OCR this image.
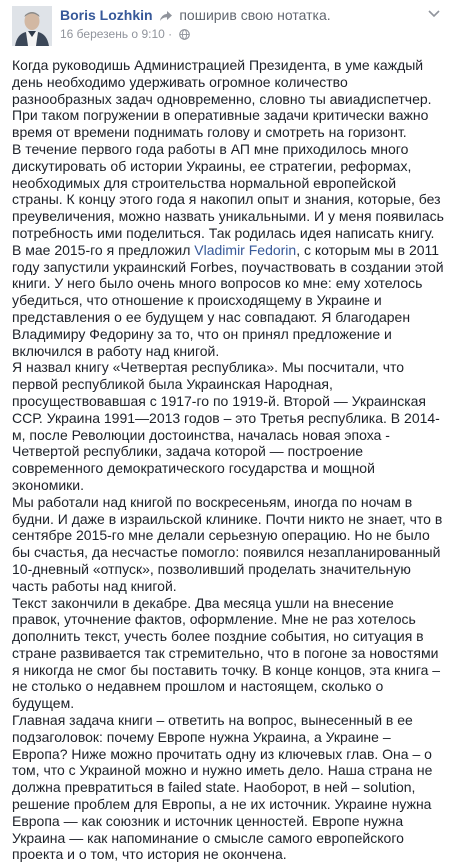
Boris Lozhkin поширив свою нотатка.
16 березень о 9:10 ·

Когда руководишь Администрацией Президента, в уме каждый день необходимо удерживать огромное количество разнообразных задач одновременно, словно ты авиадиспетчер. При таком погружении в оперативные задачи критически важно время от времени поднимать голову и смотреть на горизонт.

В течение первого года работы в АП мне приходилось много дискутировать об истории Украины, ее стратегии, реформах, необходимых для строительства нормальной европейской страны. К концу этого года я накопил опыт и знания, которые, без преувеличения, можно назвать уникальными. И у меня появилась потребность ими поделиться. Так родилась идея написать книгу.

В мае 2015-го я предложил Vladimir Fedorin, с которым мы в 2011 году запустили украинский Forbes, поучаствовать в создании этой книги. У него было очень много вопросов ко мне: ему хотелось убедиться, что отношение к происходящему в Украине и представления о ее будущем у нас совпадают. Я благодарен Владимиру Федорину за то, что он принял предложение и включился в работу над книгой.

Я назвал книгу «Четвертая республика». Мы посчитали, что первой республикой была Украинская Народная, просуществовавшая с 1917-го по 1919-й. Второй — Украинская ССР. Украина 1991—2013 годов – это Третья республика. В 2014-м, после Революции достоинства, началась новая эпоха - Четвертой республики, задача которой — построение современного демократического государства и мощной экономики.

Мы работали над книгой по воскресеньям, иногда по ночам в будни. И даже в израильской клинике. Почти никто не знает, что в сентябре 2015-го мне делали серьезную операцию. Но не было бы счастья, да несчастье помогло: появился незапланированный 10-дневный «отпуск», позволивший проделать значительную часть работы над книгой.

Текст закончили в декабре. Два месяца ушли на внесение правок, уточнение фактов, оформление. Мне не раз хотелось дополнить текст, учесть более поздние события, но ситуация в стране развивается так стремительно, что в погоне за новостями я никогда не смог бы поставить точку. В конце концов, эта книга – не столько о недавнем прошлом и настоящем, сколько о будущем.

Главная задача книги – ответить на вопрос, вынесенный в ее подзаголовок: почему Европе нужна Украина, а Украине – Европа? Ниже можно прочитать одну из ключевых глав. Она – о том, что с Украиной можно и нужно иметь дело. Наша страна не должна превратиться в failed state. Наоборот, в ней – solution, решение проблем для Европы, а не их источник. Украине нужна Европа — как союзник и источник ценностей. Европе нужна Украина — как напоминание о смысле самого европейского проекта и о том, что история не окончена.
